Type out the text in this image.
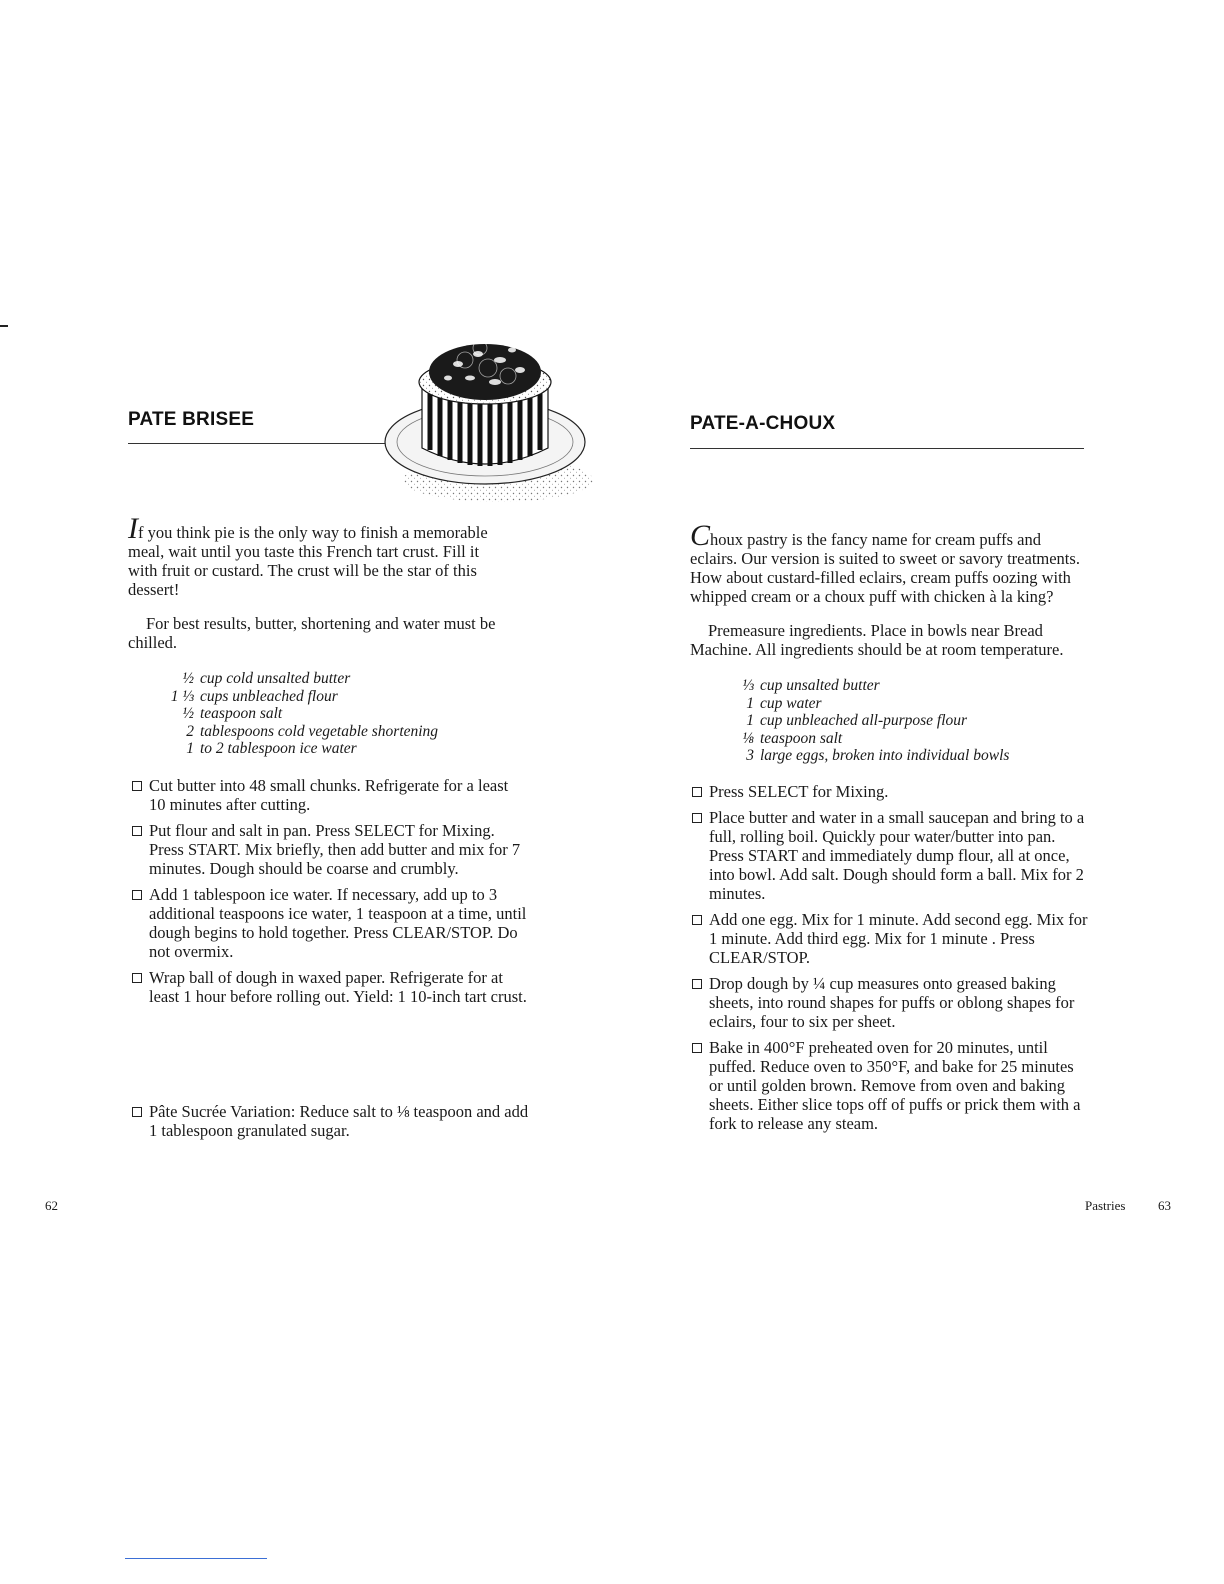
PATE BRISEE

If you think pie is the only way to finish a memorable meal, wait until you taste this French tart crust. Fill it with fruit or custard. The crust will be the star of this dessert!

For best results, butter, shortening and water must be chilled.

½ cup cold unsalted butter
1 ⅓ cups unbleached flour
½ teaspoon salt
2 tablespoons cold vegetable shortening
1 to 2 tablespoon ice water
Cut butter into 48 small chunks. Refrigerate for a least 10 minutes after cutting.
Put flour and salt in pan. Press SELECT for Mixing. Press START. Mix briefly, then add butter and mix for 7 minutes. Dough should be coarse and crumbly.
Add 1 tablespoon ice water. If necessary, add up to 3 additional teaspoons ice water, 1 teaspoon at a time, until dough begins to hold together. Press CLEAR/STOP. Do not overmix.
Wrap ball of dough in waxed paper. Refrigerate for at least 1 hour before rolling out. Yield: 1 10-inch tart crust.

Pâte Sucrée Variation: Reduce salt to ⅛ teaspoon and add 1 tablespoon granulated sugar.

62

PATE-A-CHOUX

Choux pastry is the fancy name for cream puffs and eclairs. Our version is suited to sweet or savory treatments. How about custard-filled eclairs, cream puffs oozing with whipped cream or a choux puff with chicken à la king?

Premeasure ingredients. Place in bowls near Bread Machine. All ingredients should be at room temperature.

⅓ cup unsalted butter
1 cup water
1 cup unbleached all-purpose flour
⅛ teaspoon salt
3 large eggs, broken into individual bowls
Press SELECT for Mixing.
Place butter and water in a small saucepan and bring to a full, rolling boil. Quickly pour water/butter into pan. Press START and immediately dump flour, all at once, into bowl. Add salt. Dough should form a ball. Mix for 2 minutes.
Add one egg. Mix for 1 minute. Add second egg. Mix for 1 minute. Add third egg. Mix for 1 minute . Press CLEAR/STOP.
Drop dough by ¼ cup measures onto greased baking sheets, into round shapes for puffs or oblong shapes for eclairs, four to six per sheet.
Bake in 400°F preheated oven for 20 minutes, until puffed. Reduce oven to 350°F, and bake for 25 minutes or until golden brown. Remove from oven and baking sheets. Either slice tops off of puffs or prick them with a fork to release any steam.

Pastries	63
